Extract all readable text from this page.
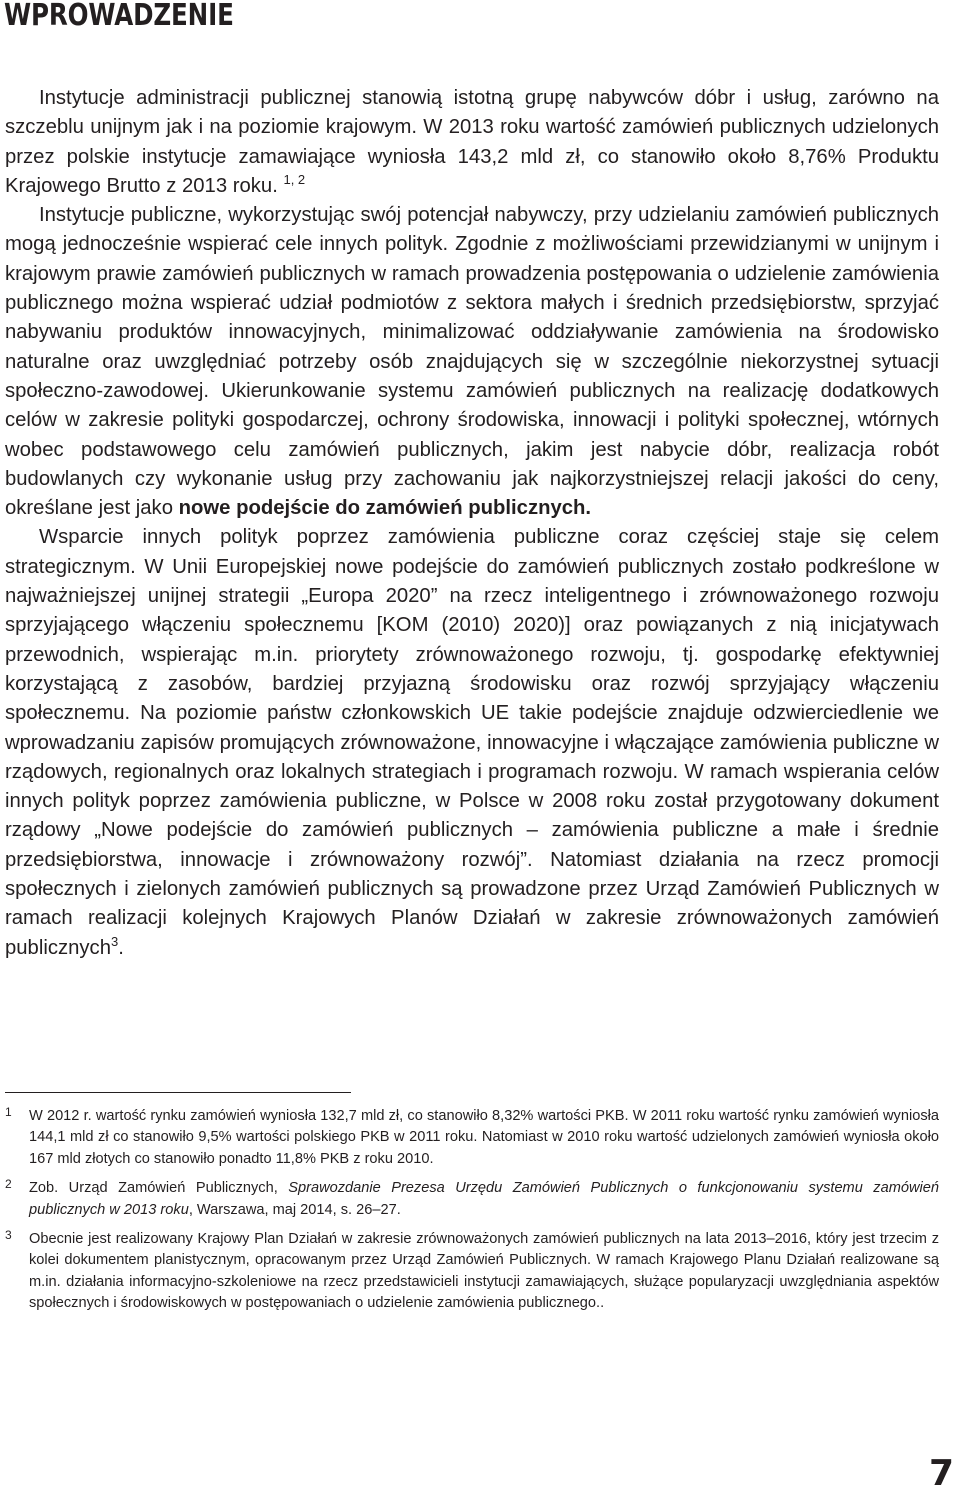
WPROWADZENIE

Instytucje administracji publicznej stanowią istotną grupę nabywców dóbr i usług, zarówno na szczeblu unijnym jak i na poziomie krajowym. W 2013 roku wartość zamówień publicznych udzielonych przez polskie instytucje zamawiające wyniosła 143,2 mld zł, co stanowiło około 8,76% Produktu Krajowego Brutto z 2013 roku. $^{1, 2}$

Instytucje publiczne, wykorzystując swój potencjał nabywczy, przy udzielaniu zamówień publicznych mogą jednocześnie wspierać cele innych polityk. Zgodnie z możliwościami przewidzianymi w unijnym i krajowym prawie zamówień publicznych w ramach prowadzenia postępowania o udzielenie zamówienia publicznego można wspierać udział podmiotów z sektora małych i średnich przedsiębiorstw, sprzyjać nabywaniu produktów innowacyjnych, minimalizować oddziaływanie zamówienia na środowisko naturalne oraz uwzględniać potrzeby osób znajdujących się w szczególnie niekorzystnej sytuacji społeczno-zawodowej. Ukierunkowanie systemu zamówień publicznych na realizację dodatkowych celów w zakresie polityki gospodarczej, ochrony środowiska, innowacji i polityki społecznej, wtórnych wobec podstawowego celu zamówień publicznych, jakim jest nabycie dóbr, realizacja robót budowlanych czy wykonanie usług przy zachowaniu jak najkorzystniejszej relacji jakości do ceny, określane jest jako nowe podejście do zamówień publicznych.

Wsparcie innych polityk poprzez zamówienia publiczne coraz częściej staje się celem strategicznym. W Unii Europejskiej nowe podejście do zamówień publicznych zostało podkreślone w najważniejszej unijnej strategii „Europa 2020” na rzecz inteligentnego i zrównoważonego rozwoju sprzyjającego włączeniu społecznemu [KOM (2010) 2020)] oraz powiązanych z nią inicjatywach przewodnich, wspierając m.in. priorytety zrównoważonego rozwoju, tj. gospodarkę efektywniej korzystającą z zasobów, bardziej przyjazną środowisku oraz rozwój sprzyjający włączeniu społecznemu. Na poziomie państw członkowskich UE takie podejście znajduje odzwierciedlenie we wprowadzaniu zapisów promujących zrównoważone, innowacyjne i włączające zamówienia publiczne w rządowych, regionalnych oraz lokalnych strategiach i programach rozwoju. W ramach wspierania celów innych polityk poprzez zamówienia publiczne, w Polsce w 2008 roku został przygotowany dokument rządowy „Nowe podejście do zamówień publicznych – zamówienia publiczne a małe i średnie przedsiębiorstwa, innowacje i zrównoważony rozwój”. Natomiast działania na rzecz promocji społecznych i zielonych zamówień publicznych są prowadzone przez Urząd Zamówień Publicznych w ramach realizacji kolejnych Krajowych Planów Działań w zakresie zrównoważonych zamówień publicznych$^3$.

1 W 2012 r. wartość rynku zamówień wyniosła 132,7 mld zł, co stanowiło 8,32% wartości PKB. W 2011 roku wartość rynku zamówień wyniosła 144,1 mld zł co stanowiło 9,5% wartości polskiego PKB w 2011 roku. Natomiast w 2010 roku wartość udzielonych zamówień wyniosła około 167 mld złotych co stanowiło ponadto 11,8% PKB z roku 2010.

2 Zob. Urząd Zamówień Publicznych, Sprawozdanie Prezesa Urzędu Zamówień Publicznych o funkcjonowaniu systemu zamówień publicznych w 2013 roku, Warszawa, maj 2014, s. 26–27.

3 Obecnie jest realizowany Krajowy Plan Działań w zakresie zrównoważonych zamówień publicznych na lata 2013–2016, który jest trzecim z kolei dokumentem planistycznym, opracowanym przez Urząd Zamówień Publicznych. W ramach Krajowego Planu Działań realizowane są m.in. działania informacyjno-szkoleniowe na rzecz przedstawicieli instytucji zamawiających, służące popularyzacji uwzględniania aspektów społecznych i środowiskowych w postępowaniach o udzielenie zamówienia publicznego..

7
